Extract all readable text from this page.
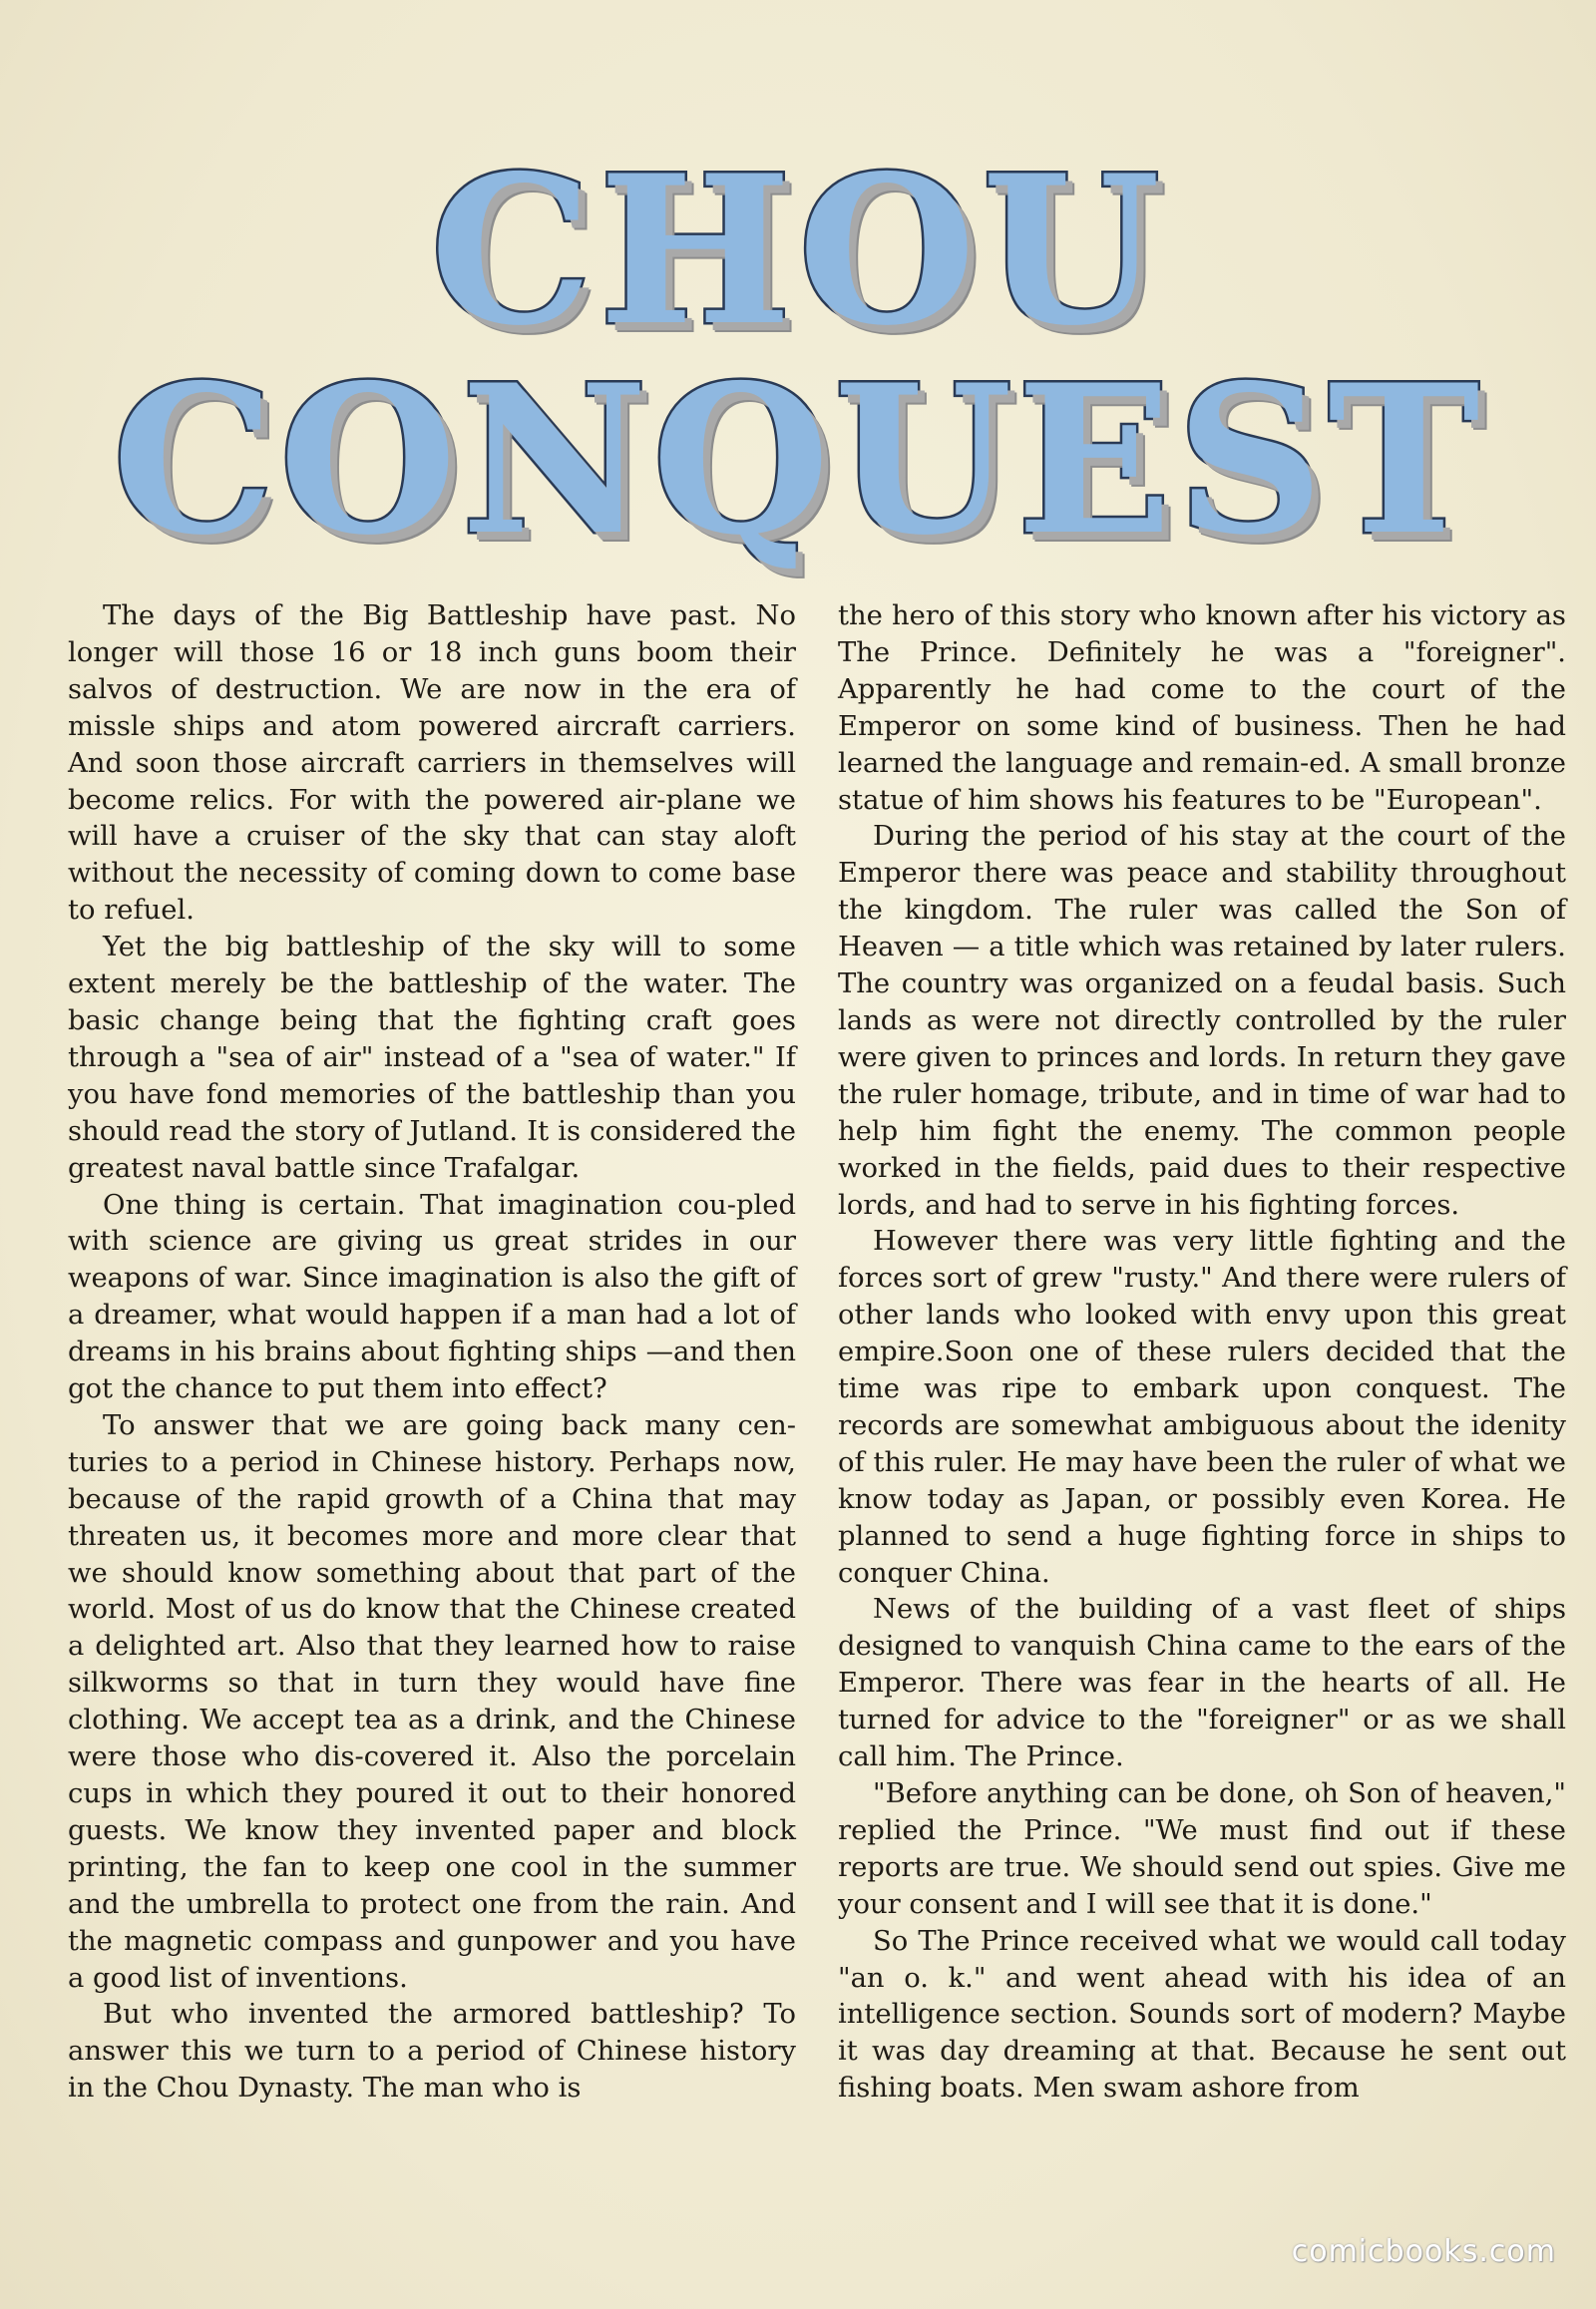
CHOU
CONQUEST

The days of the Big Battleship have past. No longer will those 16 or 18 inch guns boom their salvos of destruction. We are now in the era of missle ships and atom powered aircraft carriers. And soon those aircraft carriers in themselves will become relics. For with the powered air-plane we will have a cruiser of the sky that can stay aloft without the necessity of coming down to come base to refuel.

Yet the big battleship of the sky will to some extent merely be the battleship of the water. The basic change being that the fighting craft goes through a "sea of air" instead of a "sea of water." If you have fond memories of the battleship than you should read the story of Jutland. It is considered the greatest naval battle since Trafalgar.

One thing is certain. That imagination cou-pled with science are giving us great strides in our weapons of war. Since imagination is also the gift of a dreamer, what would happen if a man had a lot of dreams in his brains about fighting ships —and then got the chance to put them into effect?

To answer that we are going back many cen-turies to a period in Chinese history. Perhaps now, because of the rapid growth of a China that may threaten us, it becomes more and more clear that we should know something about that part of the world. Most of us do know that the Chinese created a delighted art. Also that they learned how to raise silkworms so that in turn they would have fine clothing. We accept tea as a drink, and the Chinese were those who dis-covered it. Also the porcelain cups in which they poured it out to their honored guests. We know they invented paper and block printing, the fan to keep one cool in the summer and the umbrella to protect one from the rain. And the magnetic compass and gunpower and you have a good list of inventions.

But who invented the armored battleship? To answer this we turn to a period of Chinese history in the Chou Dynasty. The man who is

the hero of this story who known after his victory as The Prince. Definitely he was a "foreigner". Apparently he had come to the court of the Emperor on some kind of business. Then he had learned the language and remain-ed. A small bronze statue of him shows his features to be "European".

During the period of his stay at the court of the Emperor there was peace and stability throughout the kingdom. The ruler was called the Son of Heaven — a title which was retained by later rulers. The country was organized on a feudal basis. Such lands as were not directly controlled by the ruler were given to princes and lords. In return they gave the ruler homage, tribute, and in time of war had to help him fight the enemy. The common people worked in the fields, paid dues to their respective lords, and had to serve in his fighting forces.

However there was very little fighting and the forces sort of grew "rusty." And there were rulers of other lands who looked with envy upon this great empire.Soon one of these rulers decided that the time was ripe to embark upon conquest. The records are somewhat ambiguous about the idenity of this ruler. He may have been the ruler of what we know today as Japan, or possibly even Korea. He planned to send a huge fighting force in ships to conquer China.

News of the building of a vast fleet of ships designed to vanquish China came to the ears of the Emperor. There was fear in the hearts of all. He turned for advice to the "foreigner" or as we shall call him. The Prince.

"Before anything can be done, oh Son of heaven," replied the Prince. "We must find out if these reports are true. We should send out spies. Give me your consent and I will see that it is done."

So The Prince received what we would call today "an o. k." and went ahead with his idea of an intelligence section. Sounds sort of modern? Maybe it was day dreaming at that. Because he sent out fishing boats. Men swam ashore from

comicbooks.com
